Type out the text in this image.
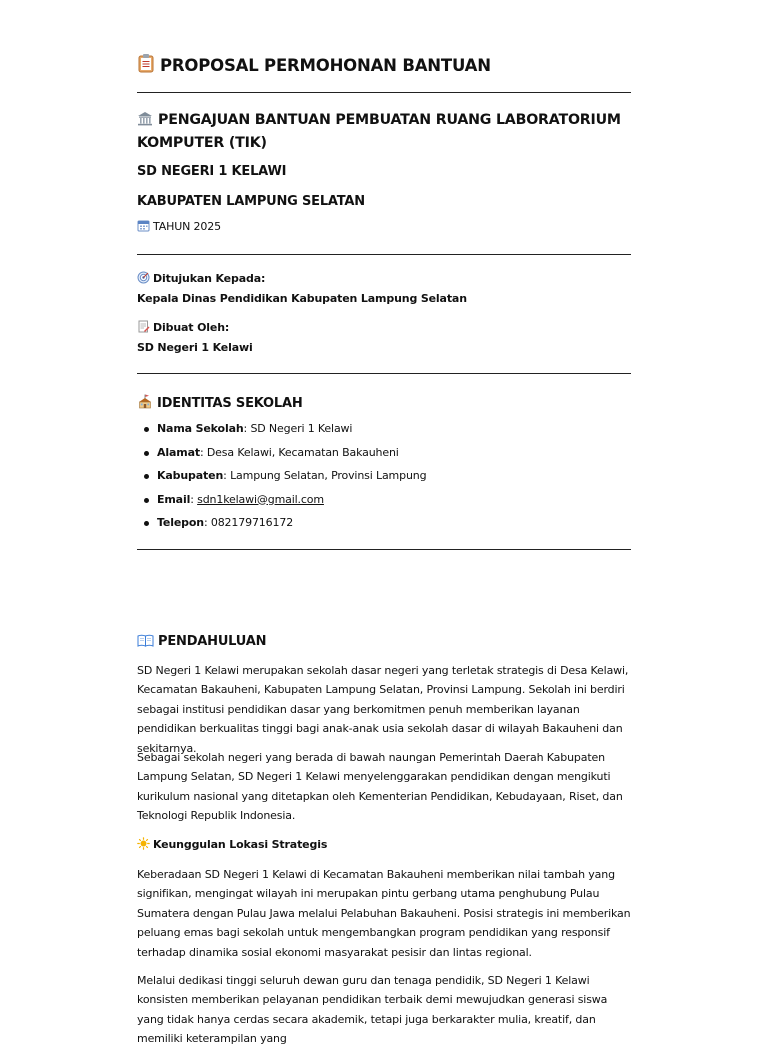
PROPOSAL PERMOHONAN BANTUAN
PENGAJUAN BANTUAN PEMBUATAN RUANG LABORATORIUM KOMPUTER (TIK)
SD NEGERI 1 KELAWI
KABUPATEN LAMPUNG SELATAN
TAHUN 2025
Ditujukan Kepada:
Kepala Dinas Pendidikan Kabupaten Lampung Selatan
Dibuat Oleh:
SD Negeri 1 Kelawi
IDENTITAS SEKOLAH
Nama Sekolah: SD Negeri 1 Kelawi
Alamat: Desa Kelawi, Kecamatan Bakauheni
Kabupaten: Lampung Selatan, Provinsi Lampung
Email: sdn1kelawi@gmail.com
Telepon: 082179716172
PENDAHULUAN

SD Negeri 1 Kelawi merupakan sekolah dasar negeri yang terletak strategis di Desa Kelawi, Kecamatan Bakauheni, Kabupaten Lampung Selatan, Provinsi Lampung. Sekolah ini berdiri sebagai institusi pendidikan dasar yang berkomitmen penuh memberikan layanan pendidikan berkualitas tinggi bagi anak-anak usia sekolah dasar di wilayah Bakauheni dan sekitarnya.

Sebagai sekolah negeri yang berada di bawah naungan Pemerintah Daerah Kabupaten Lampung Selatan, SD Negeri 1 Kelawi menyelenggarakan pendidikan dengan mengikuti kurikulum nasional yang ditetapkan oleh Kementerian Pendidikan, Kebudayaan, Riset, dan Teknologi Republik Indonesia.

Keunggulan Lokasi Strategis

Keberadaan SD Negeri 1 Kelawi di Kecamatan Bakauheni memberikan nilai tambah yang signifikan, mengingat wilayah ini merupakan pintu gerbang utama penghubung Pulau Sumatera dengan Pulau Jawa melalui Pelabuhan Bakauheni. Posisi strategis ini memberikan peluang emas bagi sekolah untuk mengembangkan program pendidikan yang responsif terhadap dinamika sosial ekonomi masyarakat pesisir dan lintas regional.

Melalui dedikasi tinggi seluruh dewan guru dan tenaga pendidik, SD Negeri 1 Kelawi konsisten memberikan pelayanan pendidikan terbaik demi mewujudkan generasi siswa yang tidak hanya cerdas secara akademik, tetapi juga berkarakter mulia, kreatif, dan memiliki keterampilan yang
